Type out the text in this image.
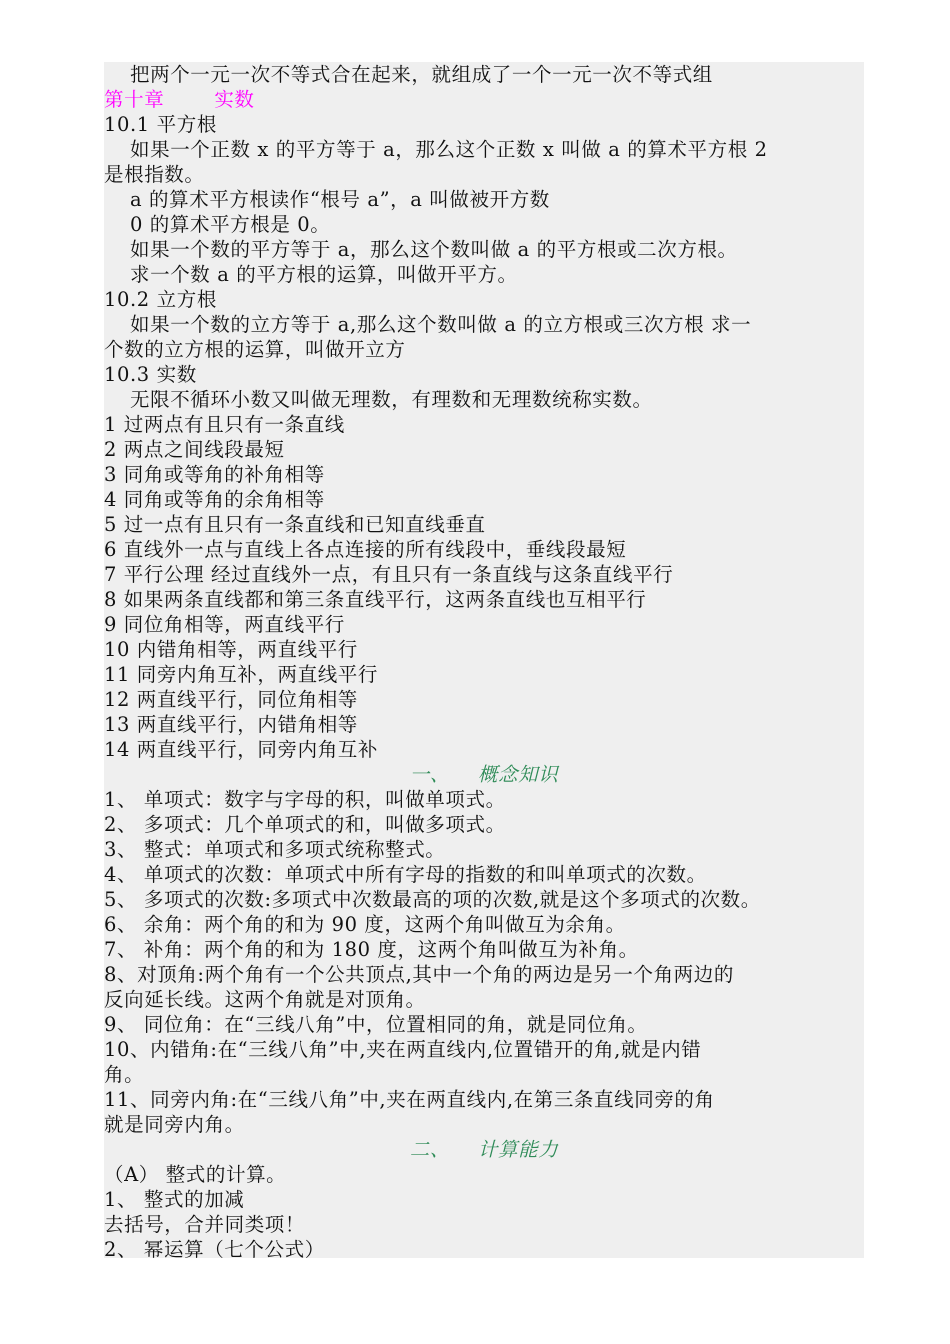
把两个一元一次不等式合在起来，就组成了一个一元一次不等式组
第十章	实数
10.1 平方根
如果一个正数 x 的平方等于 a，那么这个正数 x 叫做 a 的算术平方根 2
是根指数。
a 的算术平方根读作“根号 a”，a 叫做被开方数
0 的算术平方根是 0。
如果一个数的平方等于 a，那么这个数叫做 a 的平方根或二次方根。
求一个数 a 的平方根的运算，叫做开平方。
10.2 立方根
如果一个数的立方等于 a,那么这个数叫做 a 的立方根或三次方根 求一
个数的立方根的运算，叫做开立方
10.3 实数
无限不循环小数又叫做无理数，有理数和无理数统称实数。
1 过两点有且只有一条直线
2 两点之间线段最短
3 同角或等角的补角相等
4 同角或等角的余角相等
5 过一点有且只有一条直线和已知直线垂直
6 直线外一点与直线上各点连接的所有线段中，垂线段最短
7 平行公理 经过直线外一点，有且只有一条直线与这条直线平行
8 如果两条直线都和第三条直线平行，这两条直线也互相平行
9 同位角相等，两直线平行
10 内错角相等，两直线平行
11 同旁内角互补，两直线平行
12 两直线平行，同位角相等
13 两直线平行，内错角相等
14 两直线平行，同旁内角互补
一、 概念知识
1、 单项式：数字与字母的积，叫做单项式。
2、 多项式：几个单项式的和，叫做多项式。
3、 整式：单项式和多项式统称整式。
4、 单项式的次数：单项式中所有字母的指数的和叫单项式的次数。
5、 多项式的次数:多项式中次数最高的项的次数,就是这个多项式的次数。
6、 余角：两个角的和为 90 度，这两个角叫做互为余角。
7、 补角：两个角的和为 180 度，这两个角叫做互为补角。
8、对顶角:两个角有一个公共顶点,其中一个角的两边是另一个角两边的
反向延长线。这两个角就是对顶角。
9、 同位角：在“三线八角”中，位置相同的角，就是同位角。
10、内错角:在“三线八角”中,夹在两直线内,位置错开的角,就是内错
角。
11、同旁内角:在“三线八角”中,夹在两直线内,在第三条直线同旁的角
就是同旁内角。
二、 计算能力
（A） 整式的计算。
1、 整式的加减
去括号，合并同类项！
2、 幂运算（七个公式）
